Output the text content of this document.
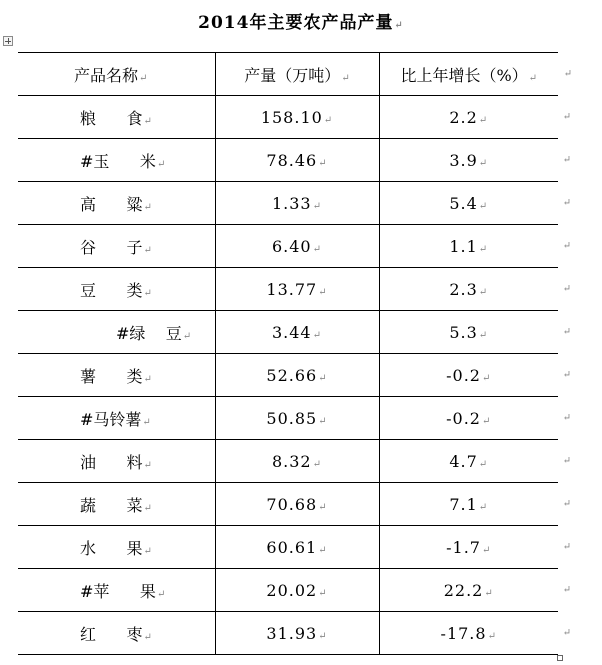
2014年主要农产品产量↵
产品名称↵	产量（万吨）↵	比上年增长（%）↵ ↵

粮      食↵	158.10↵	2.2↵ ↵

#玉      米↵	78.46↵	3.9↵ ↵

高      粱↵	1.33↵	5.4↵ ↵

谷      子↵	6.40↵	1.1↵ ↵

豆      类↵	13.77↵	2.3↵ ↵

#绿    豆↵	3.44↵	5.3↵ ↵

薯      类↵	52.66↵	-0.2↵ ↵

#马铃薯↵	50.85↵	-0.2↵ ↵

油      料↵	8.32↵	4.7↵ ↵

蔬      菜↵	70.68↵	7.1↵ ↵

水      果↵	60.61↵	-1.7↵ ↵

#苹      果↵	20.02↵	22.2↵ ↵

红      枣↵	31.93↵	-17.8↵ ↵
